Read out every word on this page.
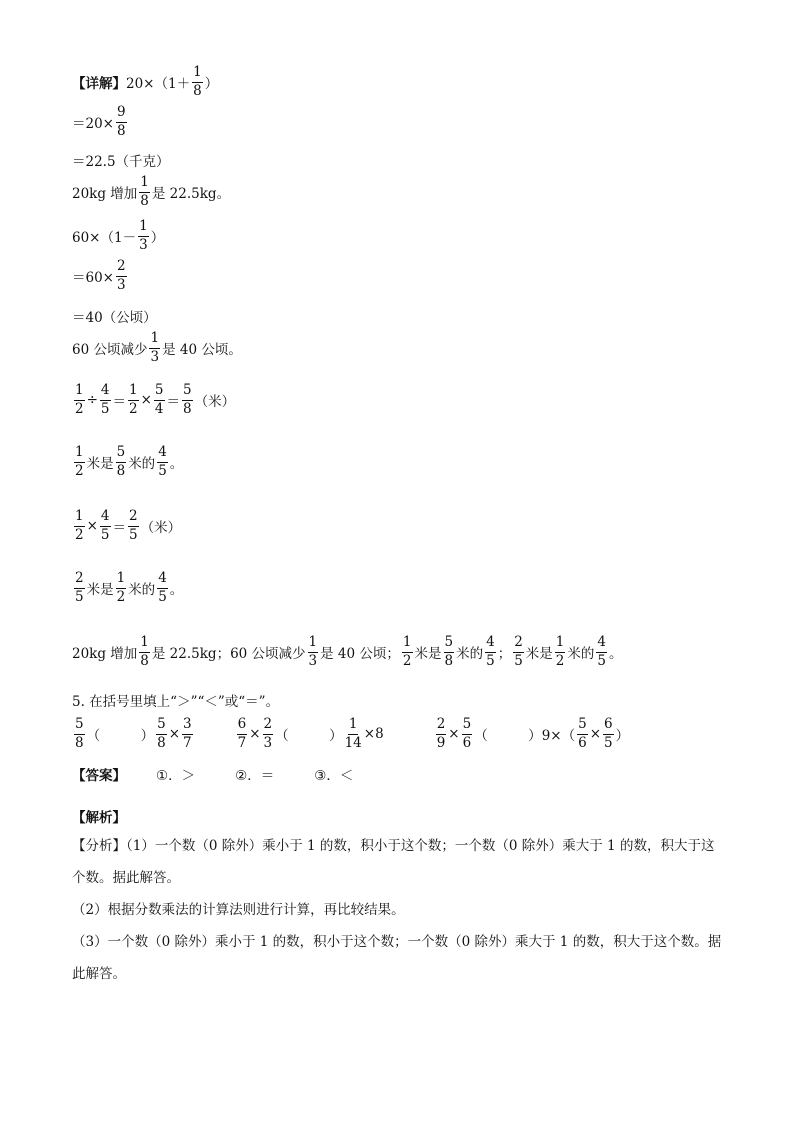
【详解】 $20\times(1+ \frac{1}{8}$ ）
$=20\times \frac{9}{8}$
＝22.5（千克）
20kg 增加 $\frac{1}{8}$ 是 22.5kg。
$60\times(1- \frac{1}{3}$ ）
$=60\times \frac{2}{3}$
＝40（公顷）
60 公顷减少 $\frac{1}{3}$ 是 40 公顷。
$\frac{1}{2} \div \frac{4}{5} = \frac{1}{2} \times \frac{5}{4} = \frac{5}{8}$ （米）
$\frac{1}{2}$ 米是 $\frac{5}{8}$ 米的 $\frac{4}{5}$ 。
$\frac{1}{2} \times \frac{4}{5} = \frac{2}{5}$ （米）
$\frac{2}{5}$ 米是 $\frac{1}{2}$ 米的 $\frac{4}{5}$ 。
20kg 增加 $\frac{1}{8}$ 是 22.5kg；60 公顷减少 $\frac{1}{3}$ 是 40 公顷； $\frac{1}{2}$ 米是 $\frac{5}{8}$ 米的 $\frac{4}{5}$ ； $\frac{2}{5}$ 米是 $\frac{1}{2}$ 米的 $\frac{4}{5}$ 。
5. 在括号里填上“＞”“＜”或“＝”。
$\frac{5}{8}$ （　　　） $\frac{5}{8} \times \frac{3}{7}$	$\frac{6}{7} \times \frac{2}{3}$ （　　　） $\frac{1}{14} \times 8$	$\frac{2}{9} \times \frac{5}{6}$ （　　　） $9\times( \frac{5}{6} \times \frac{6}{5}$ ）
【答案】 ①．＞	②．＝	③．＜
【解析】
【分析】（1）一个数（0 除外）乘小于 1 的数，积小于这个数；一个数（0 除外）乘大于 1 的数，积大于这个数。据此解答。
（2）根据分数乘法的计算法则进行计算，再比较结果。
（3）一个数（0 除外）乘小于 1 的数，积小于这个数；一个数（0 除外）乘大于 1 的数，积大于这个数。据此解答。
